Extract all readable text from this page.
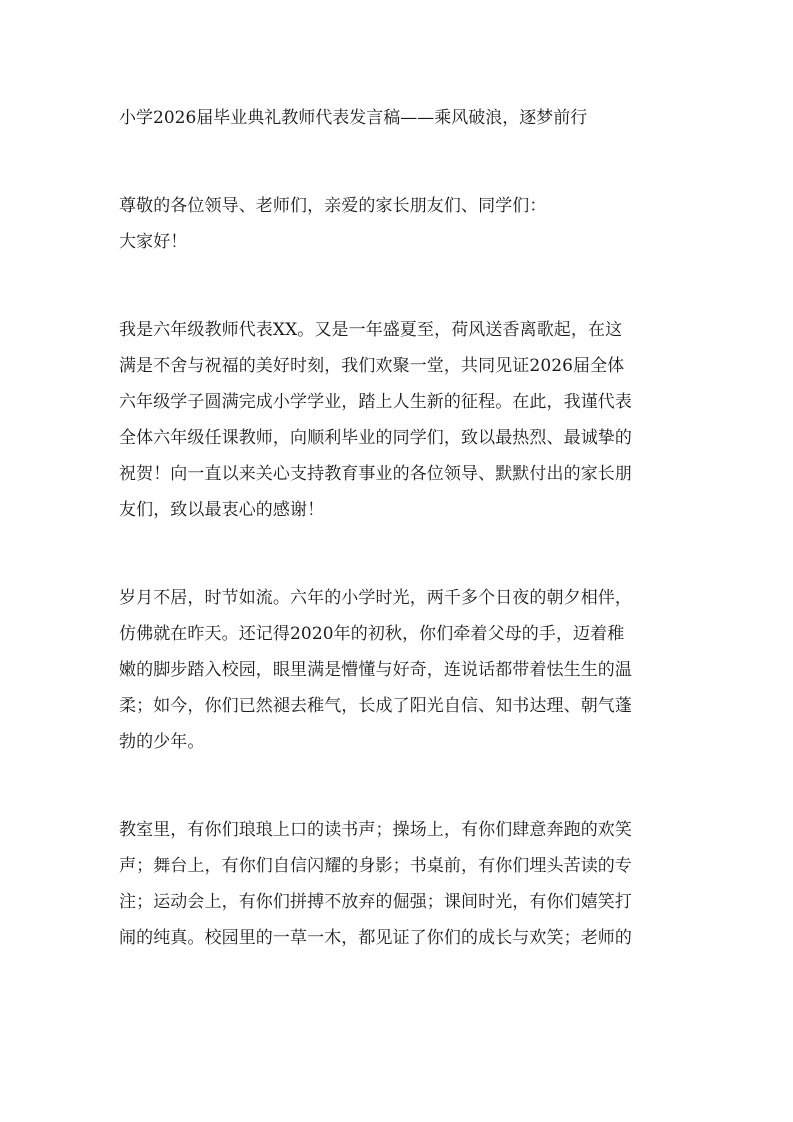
小学2026届毕业典礼教师代表发言稿——乘风破浪，逐梦前行

尊敬的各位领导、老师们，亲爱的家长朋友们、同学们：

大家好！

我是六年级教师代表XX。又是一年盛夏至，荷风送香离歌起，在这

满是不舍与祝福的美好时刻，我们欢聚一堂，共同见证2026届全体

六年级学子圆满完成小学学业，踏上人生新的征程。在此，我谨代表

全体六年级任课教师，向顺利毕业的同学们，致以最热烈、最诚挚的

祝贺！向一直以来关心支持教育事业的各位领导、默默付出的家长朋

友们，致以最衷心的感谢！

岁月不居，时节如流。六年的小学时光，两千多个日夜的朝夕相伴，

仿佛就在昨天。还记得2020年的初秋，你们牵着父母的手，迈着稚

嫩的脚步踏入校园，眼里满是懵懂与好奇，连说话都带着怯生生的温

柔；如今，你们已然褪去稚气，长成了阳光自信、知书达理、朝气蓬

勃的少年。

教室里，有你们琅琅上口的读书声；操场上，有你们肆意奔跑的欢笑

声；舞台上，有你们自信闪耀的身影；书桌前，有你们埋头苦读的专

注；运动会上，有你们拼搏不放弃的倔强；课间时光，有你们嬉笑打

闹的纯真。校园里的一草一木，都见证了你们的成长与欢笑；老师的
